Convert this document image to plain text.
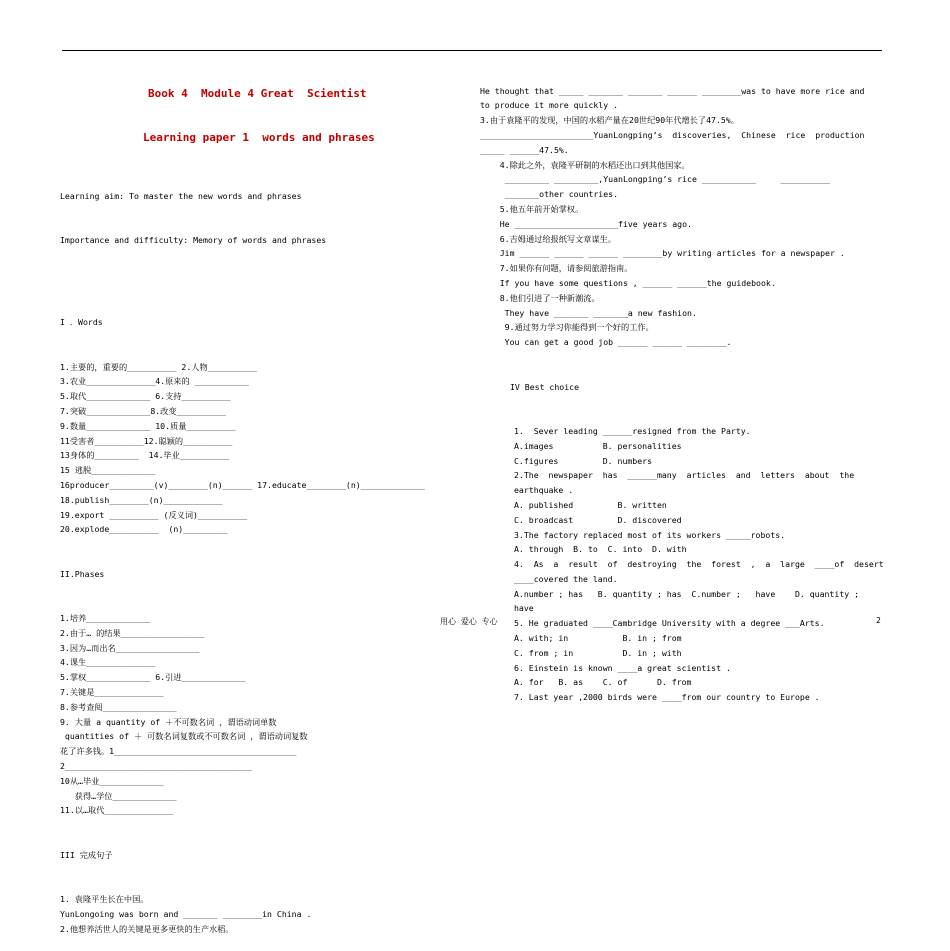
Book 4  Module 4 Great  Scientist

Learning paper 1  words and phrases

Learning aim: To master the new words and phrases

Importance and difficulty: Memory of words and phrases

I ．Words

1.主要的，重要的__________ 2.人物__________
3.农业______________4.原来的 ___________
5.取代_____________ 6.支持__________
7.突破_____________8.改变__________
9.数量_____________ 10.质量__________
11受害者__________12.聪颖的__________
13身体的_________  14.毕业__________
15 逃脱_____________
16producer_________(v)________(n)______ 17.educate________(n)_____________
18.publish________(n)____________
19.export __________ (反义词)__________
20.explode__________  (n)_________

II.Phases

1.培养_____________
2.由于… 的结果_________________
3.因为…而出名_________________
4.课生______________
5.掌权_____________ 6.引进_____________
7.关键是______________
8.参考查阅_______________
9. 大量 a quantity of ＋不可数名词 ，谓语动词单数
quantities of ＋ 可数名词复数或不可数名词 ，谓语动词复数
花了许多钱。1_____________________________________
2______________________________________
10从…毕业_____________
获得…学位_____________
11.以…取代______________

III 完成句子

1. 袁隆平生长在中国。
YunLongoing was born and _______ ________in China .
2.他想养活世人的关键是更多更快的生产水稻。

He thought that _____ _______ _______ ______ ________was to have more rice and
to produce it more quickly .
3.由于袁隆平的发现，中国的水稻产量在20世纪90年代增长了47.5%。
_______________________YuanLongping’s  discoveries,  Chinese  rice  production
_____ ______47.5%.
4.除此之外，袁隆平研制的水稻还出口到其他国家。
_________ _________,YuanLongping’s rice ___________     __________
_______other countries.
5.他五年前开始掌权。
He _____________________five years ago.
6.吉姆通过给报纸写文章谋生。
Jim ______ ______ ______ ________by writing articles for a newspaper .
7.如果你有问题，请参阅旅游指南。
If you have some questions , ______ ______the guidebook.
8.他们引进了一种新潮流。
They have _______ _______a new fashion.
9.通过努力学习你能得到一个好的工作。
You can get a good job ______ ______ ________.

IV Best choice

1.  Sever leading ______resigned from the Party.
A.images          B. personalities
C.figures         D. numbers
2.The  newspaper  has  ______many  articles  and  letters  about  the
earthquake .
A. published         B. written
C. broadcast         D. discovered
3.The factory replaced most of its workers _____robots.
A. through  B. to  C. into  D. with
4.  As  a  result  of  destroying  the  forest  ,  a  large  ____of  desert
____covered the land.
A.number ; has   B. quantity ; has  C.number ;   have    D. quantity ;
have
5. He graduated ____Cambridge University with a degree ___Arts.
A. with; in           B. in ; from
C. from ; in          D. in ; with
6. Einstein is known ____a great scientist .
A. for   B. as    C. of      D. from
7. Last year ,2000 birds were ____from our country to Europe .

用心 爱心 专心	2
